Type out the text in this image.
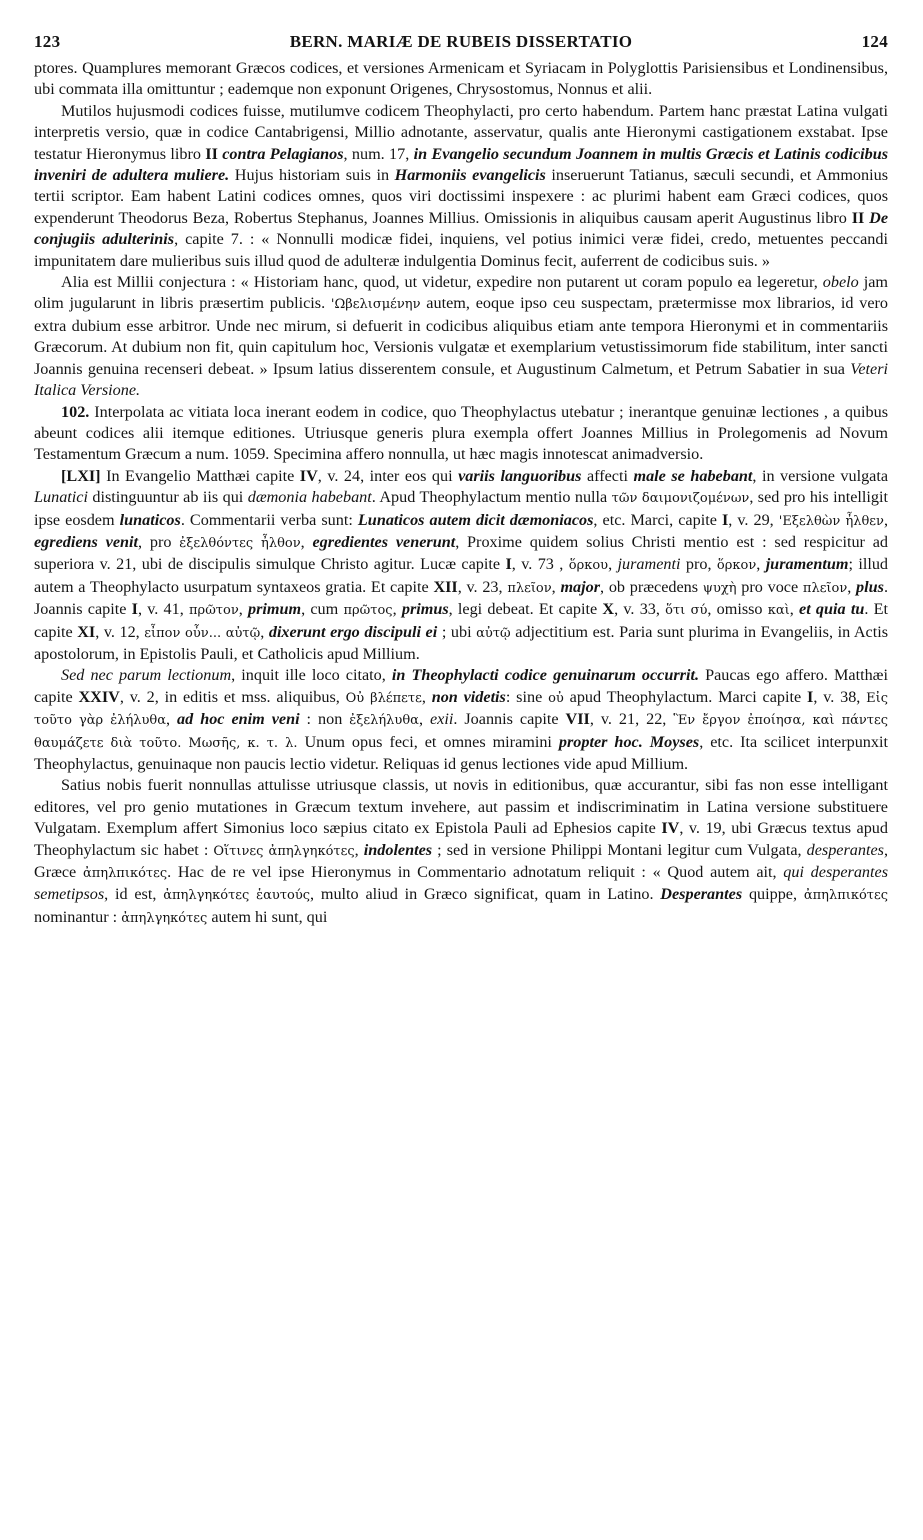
123	BERN. MARIÆ DE RUBEIS DISSERTATIO	124

ptores. Quamplures memorant Græcos codices, et versiones Armenicam et Syriacam in Polyglottis Parisiensibus et Londinensibus, ubi commata illa omittuntur ; eademque non exponunt Origenes, Chrysostomus, Nonnus et alii.

Mutilos hujusmodi codices fuisse, mutilumve codicem Theophylacti, pro certo habendum. Partem hanc præstat Latina vulgati interpretis versio, quæ in codice Cantabrigensi, Millio adnotante, asservatur, qualis ante Hieronymi castigationem exstabat. Ipse testatur Hieronymus libro II contra Pelagianos, num. 17, in Evangelio secundum Joannem in multis Græcis et Latinis codicibus inveniri de adultera muliere. Hujus historiam suis in Harmoniis evangelicis inseruerunt Tatianus, sæculi secundi, et Ammonius tertii scriptor. Eam habent Latini codices omnes, quos viri doctissimi inspexere : ac plurimi habent eam Græci codices, quos expenderunt Theodorus Beza, Robertus Stephanus, Joannes Millius. Omissionis in aliquibus causam aperit Augustinus libro II De conjugiis adulterinis, capite 7. : « Nonnulli modicæ fidei, inquiens, vel potius inimici veræ fidei, credo, metuentes peccandi impunitatem dare mulieribus suis illud quod de adulteræ indulgentia Dominus fecit, auferrent de codicibus suis. »

Alia est Millii conjectura : « Historiam hanc, quod, ut videtur, expedire non putarent ut coram populo ea legeretur, obelo jam olim jugularunt in libris præsertim publicis. 'Ωβελισμένην autem, eoque ipso ceu suspectam, prætermisse mox librarios, id vero extra dubium esse arbitror. Unde nec mirum, si defuerit in codicibus aliquibus etiam ante tempora Hieronymi et in commentariis Græcorum. At dubium non fit, quin capitulum hoc, Versionis vulgatæ et exemplarium vetustissimorum fide stabilitum, inter sancti Joannis genuina recenseri debeat. » Ipsum latius disserentem consule, et Augustinum Calmetum, et Petrum Sabatier in sua Veteri Italica Versione.

102. Interpolata ac vitiata loca inerant eodem in codice, quo Theophylactus utebatur ; inerantque genuinæ lectiones , a quibus abeunt codices alii itemque editiones. Utriusque generis plura exempla offert Joannes Millius in Prolegomenis ad Novum Testamentum Græcum a num. 1059. Specimina affero nonnulla, ut hæc magis innotescat animadversio.

[LXI] In Evangelio Matthæi capite IV, v. 24, inter eos qui variis languoribus affecti male se habebant, in versione vulgata Lunatici distinguuntur ab iis qui dæmonia habebant. Apud Theophylactum mentio nulla τῶν δαιμονιζομένων, sed pro his intelligit ipse eosdem lunaticos. Commentarii verba sunt: Lunaticos autem dicit dæmoniacos, etc. Marci, capite I, v. 29, 'Εξελθὼν ἦλθεν, egrediens venit, pro ἐξελθόντες ἦλθον, egredientes venerunt, Proxime quidem solius Christi mentio est : sed respicitur ad superiora v. 21, ubi de discipulis simulque Christo agitur. Lucæ capite I, v. 73 , ὅρκου, juramenti pro, ὅρκον, juramentum; illud autem a Theophylacto usurpatum syntaxeos gratia. Et capite XII, v. 23, πλεῖον, major, ob præcedens ψυχὴ pro voce πλεῖον, plus. Joannis capite I, v. 41, πρῶτον, primum, cum πρῶτος, primus, legi debeat. Et capite X, v. 33, ὅτι σύ, omisso καὶ, et quia tu. Et capite XI, v. 12, εἶπον οὖν... αὐτῷ, dixerunt ergo discipuli ei ; ubi αὐτῷ adjectitium est. Paria sunt plurima in Evangeliis, in Actis apostolorum, in Epistolis Pauli, et Catholicis apud Millium.

Sed nec parum lectionum, inquit ille loco citato, in Theophylacti codice genuinarum occurrit. Paucas ego affero. Matthæi capite XXIV, v. 2, in editis et mss. aliquibus, Οὐ βλέπετε, non videtis: sine οὐ apud Theophylactum. Marci capite I, v. 38, Εἰς τοῦτο γὰρ ἐλήλυθα, ad hoc enim veni : non ἐξελήλυθα, exii. Joannis capite VII, v. 21, 22, Ἓν ἔργον ἐποίησα, καὶ πάντες θαυμάζετε διὰ τοῦτο. Μωσῆς, κ. τ. λ. Unum opus feci, et omnes miramini propter hoc. Moyses, etc. Ita scilicet interpunxit Theophylactus, genuinaque non paucis lectio videtur. Reliquas id genus lectiones vide apud Millium.

Satius nobis fuerit nonnullas attulisse utriusque classis, ut novis in editionibus, quæ accurantur, sibi fas non esse intelligant editores, vel pro genio mutationes in Græcum textum invehere, aut passim et indiscriminatim in Latina versione substituere Vulgatam. Exemplum affert Simonius loco sæpius citato ex Epistola Pauli ad Ephesios capite IV, v. 19, ubi Græcus textus apud Theophylactum sic habet : Οἵτινες ἀπηλγηκότες, indolentes ; sed in versione Philippi Montani legitur cum Vulgata, desperantes, Græce ἀπηλπικότες. Hac de re vel ipse Hieronymus in Commentario adnotatum reliquit : « Quod autem ait, qui desperantes semetipsos, id est, ἀπηλγηκότες ἑαυτούς, multo aliud in Græco significat, quam in Latino. Desperantes quippe, ἀπηλπικότες nominantur : ἀπηλγηκότες autem hi sunt, qui
